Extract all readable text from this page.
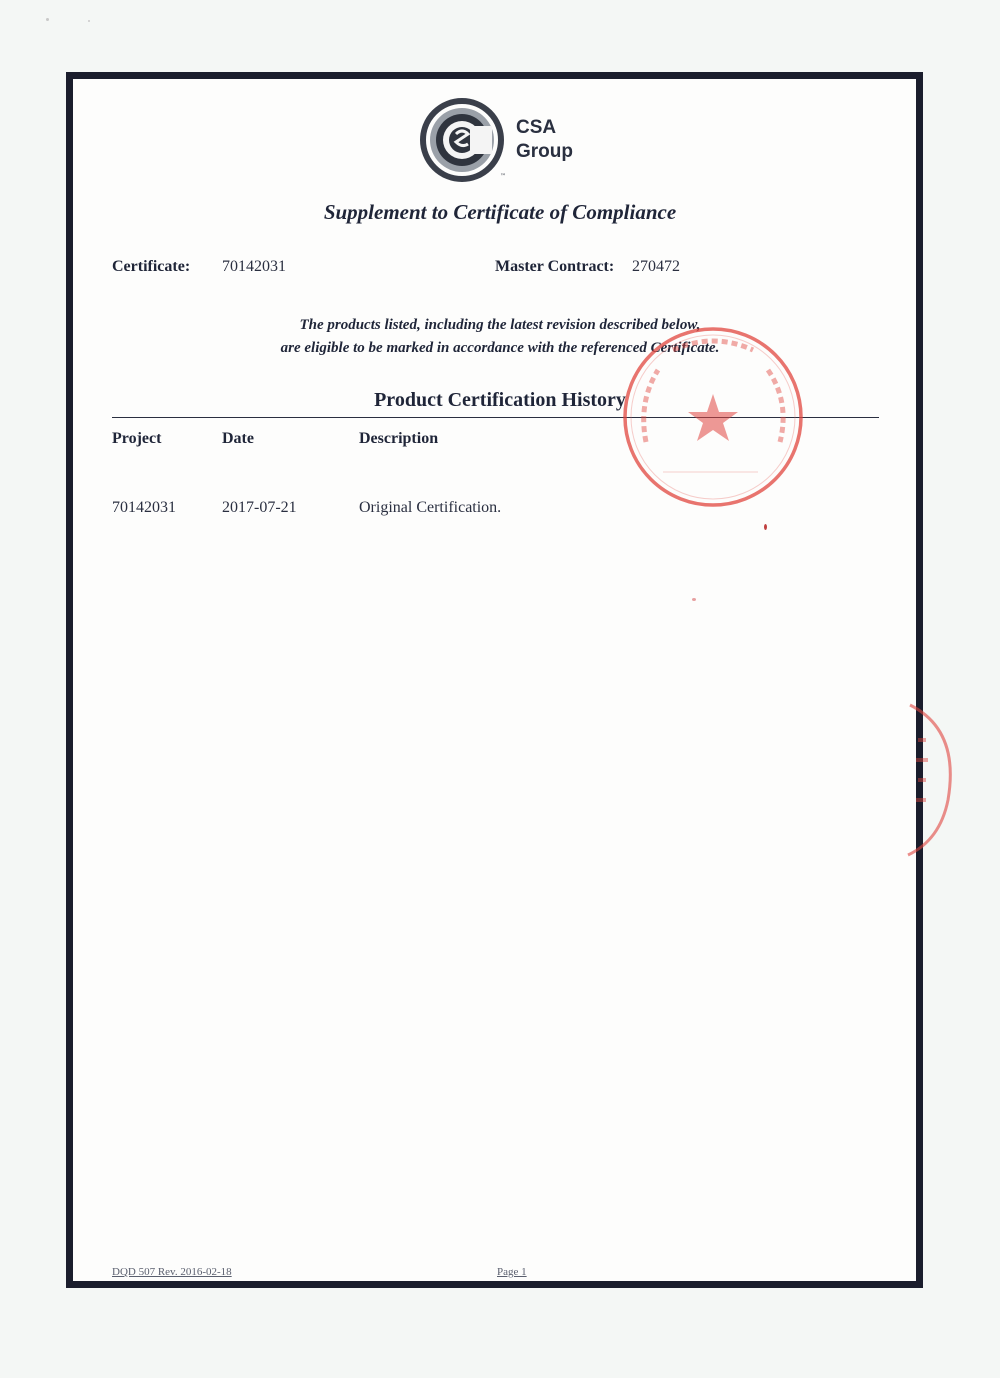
™
CSA
Group
Supplement to Certificate of Compliance
Certificate: 70142031	Master Contract: 270472
The products listed, including the latest revision described below,
are eligible to be marked in accordance with the referenced Certificate.
Product Certification History
Project	Date	Description
70142031	2017-07-21	Original Certification.
DQD 507 Rev. 2016-02-18	Page 1
